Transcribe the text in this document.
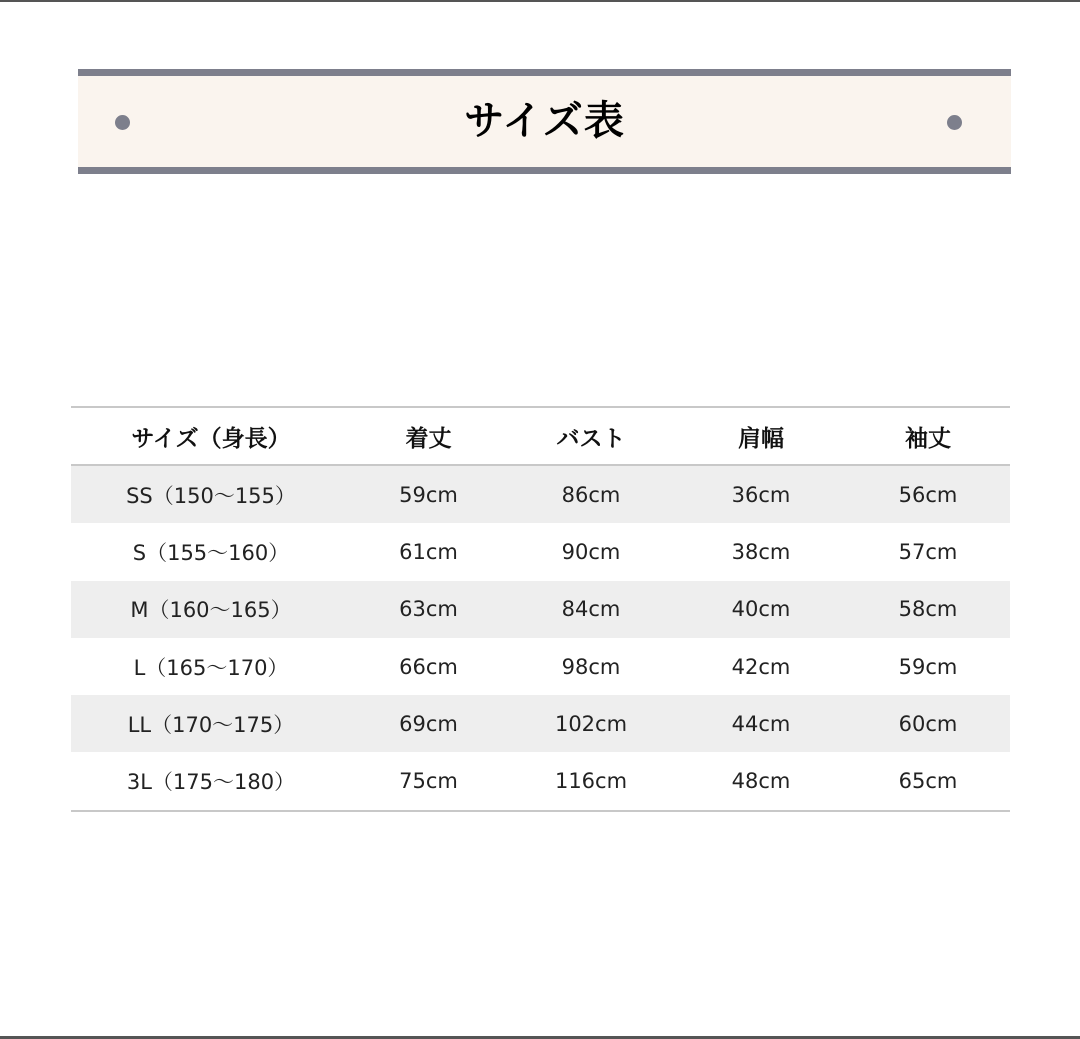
サイズ表
サイズ（身長）	着丈	バスト	肩幅	袖丈
SS（150〜155）	59cm	86cm	36cm	56cm
S（155〜160）	61cm	90cm	38cm	57cm
M（160〜165）	63cm	84cm	40cm	58cm
L（165〜170）	66cm	98cm	42cm	59cm
LL（170〜175）	69cm	102cm	44cm	60cm
3L（175〜180）	75cm	116cm	48cm	65cm
